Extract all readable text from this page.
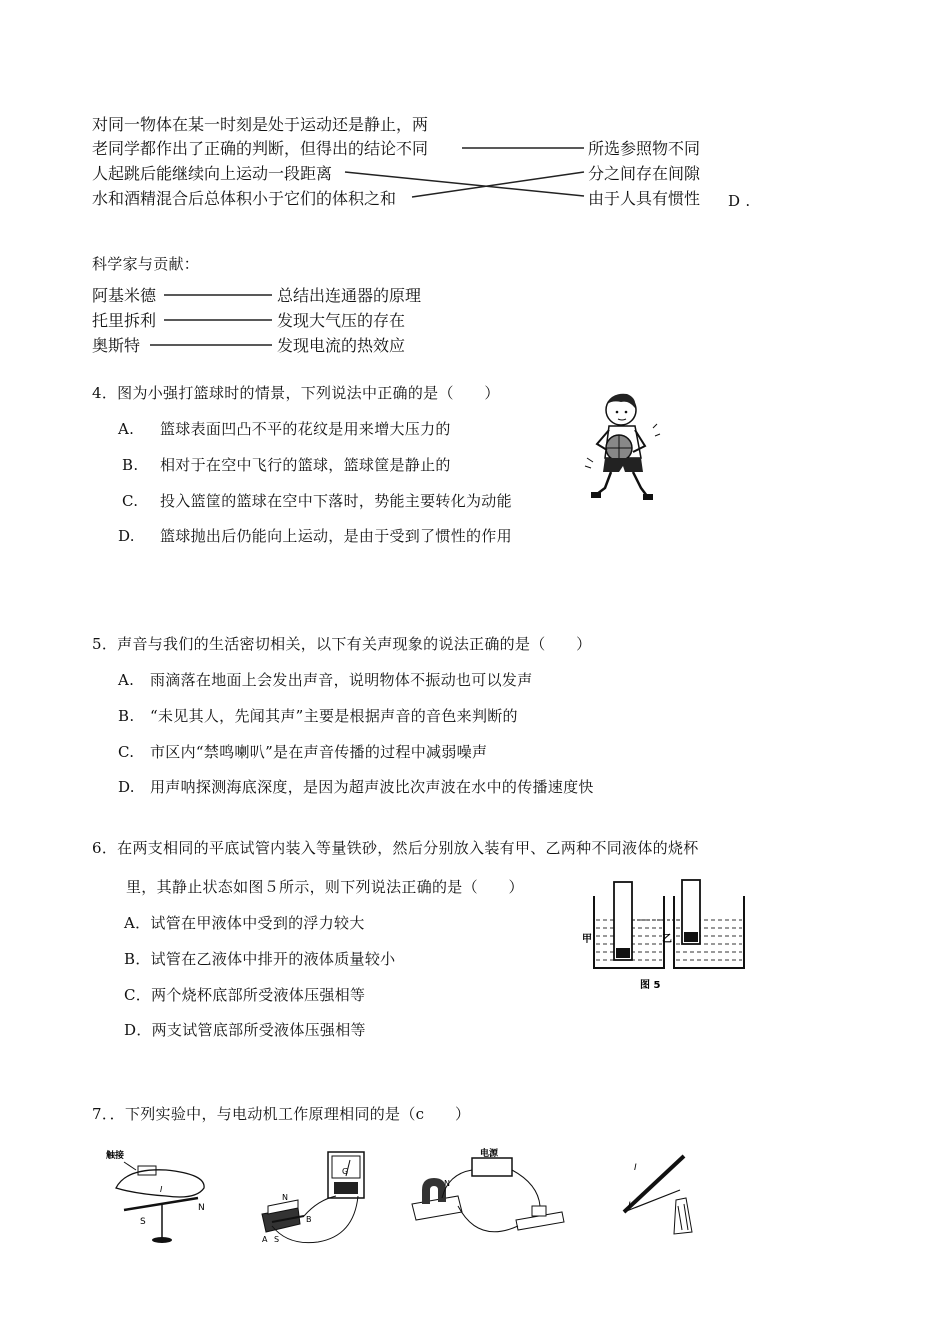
对同一物体在某一时刻是处于运动还是静止，两
老同学都作出了正确的判断，但得出的结论不同
人起跳后能继续向上运动一段距离
水和酒精混合后总体积小于它们的体积之和
所选参照物不同
分之间存在间隙
由于人具有惯性 D .
科学家与贡献：
阿基米德
托里拆利
奥斯特
总结出连通器的原理
发现大气压的存在
发现电流的热效应
4．图为小强打篮球时的情景，下列说法中正确的是（　　）
A. 篮球表面凹凸不平的花纹是用来增大压力的
B. 相对于在空中飞行的篮球，篮球筐是静止的
C. 投入篮筐的篮球在空中下落时，势能主要转化为动能
D. 篮球抛出后仍能向上运动，是由于受到了惯性的作用
5．声音与我们的生活密切相关，以下有关声现象的说法正确的是（　　）
A. 雨滴落在地面上会发出声音，说明物体不振动也可以发声
B. “未见其人，先闻其声”主要是根据声音的音色来判断的
C. 市区内“禁鸣喇叭”是在声音传播的过程中减弱噪声
D. 用声呐探测海底深度，是因为超声波比次声波在水中的传播速度快
6．在两支相同的平底试管内装入等量铁砂，然后分别放入装有甲、乙两种不同液体的烧杯
里，其静止状态如图５所示，则下列说法正确的是（　　）
A．试管在甲液体中受到的浮力较大
B．试管在乙液体中排开的液体质量较小
C．两个烧杯底部所受液体压强相等
D．两支试管底部所受液体压强相等
甲	乙
图 5
7．．下列实验中，与电动机工作原理相同的是（c　　）
触接
I
S
N
G
N
S
A
B
电源
N
I
I
